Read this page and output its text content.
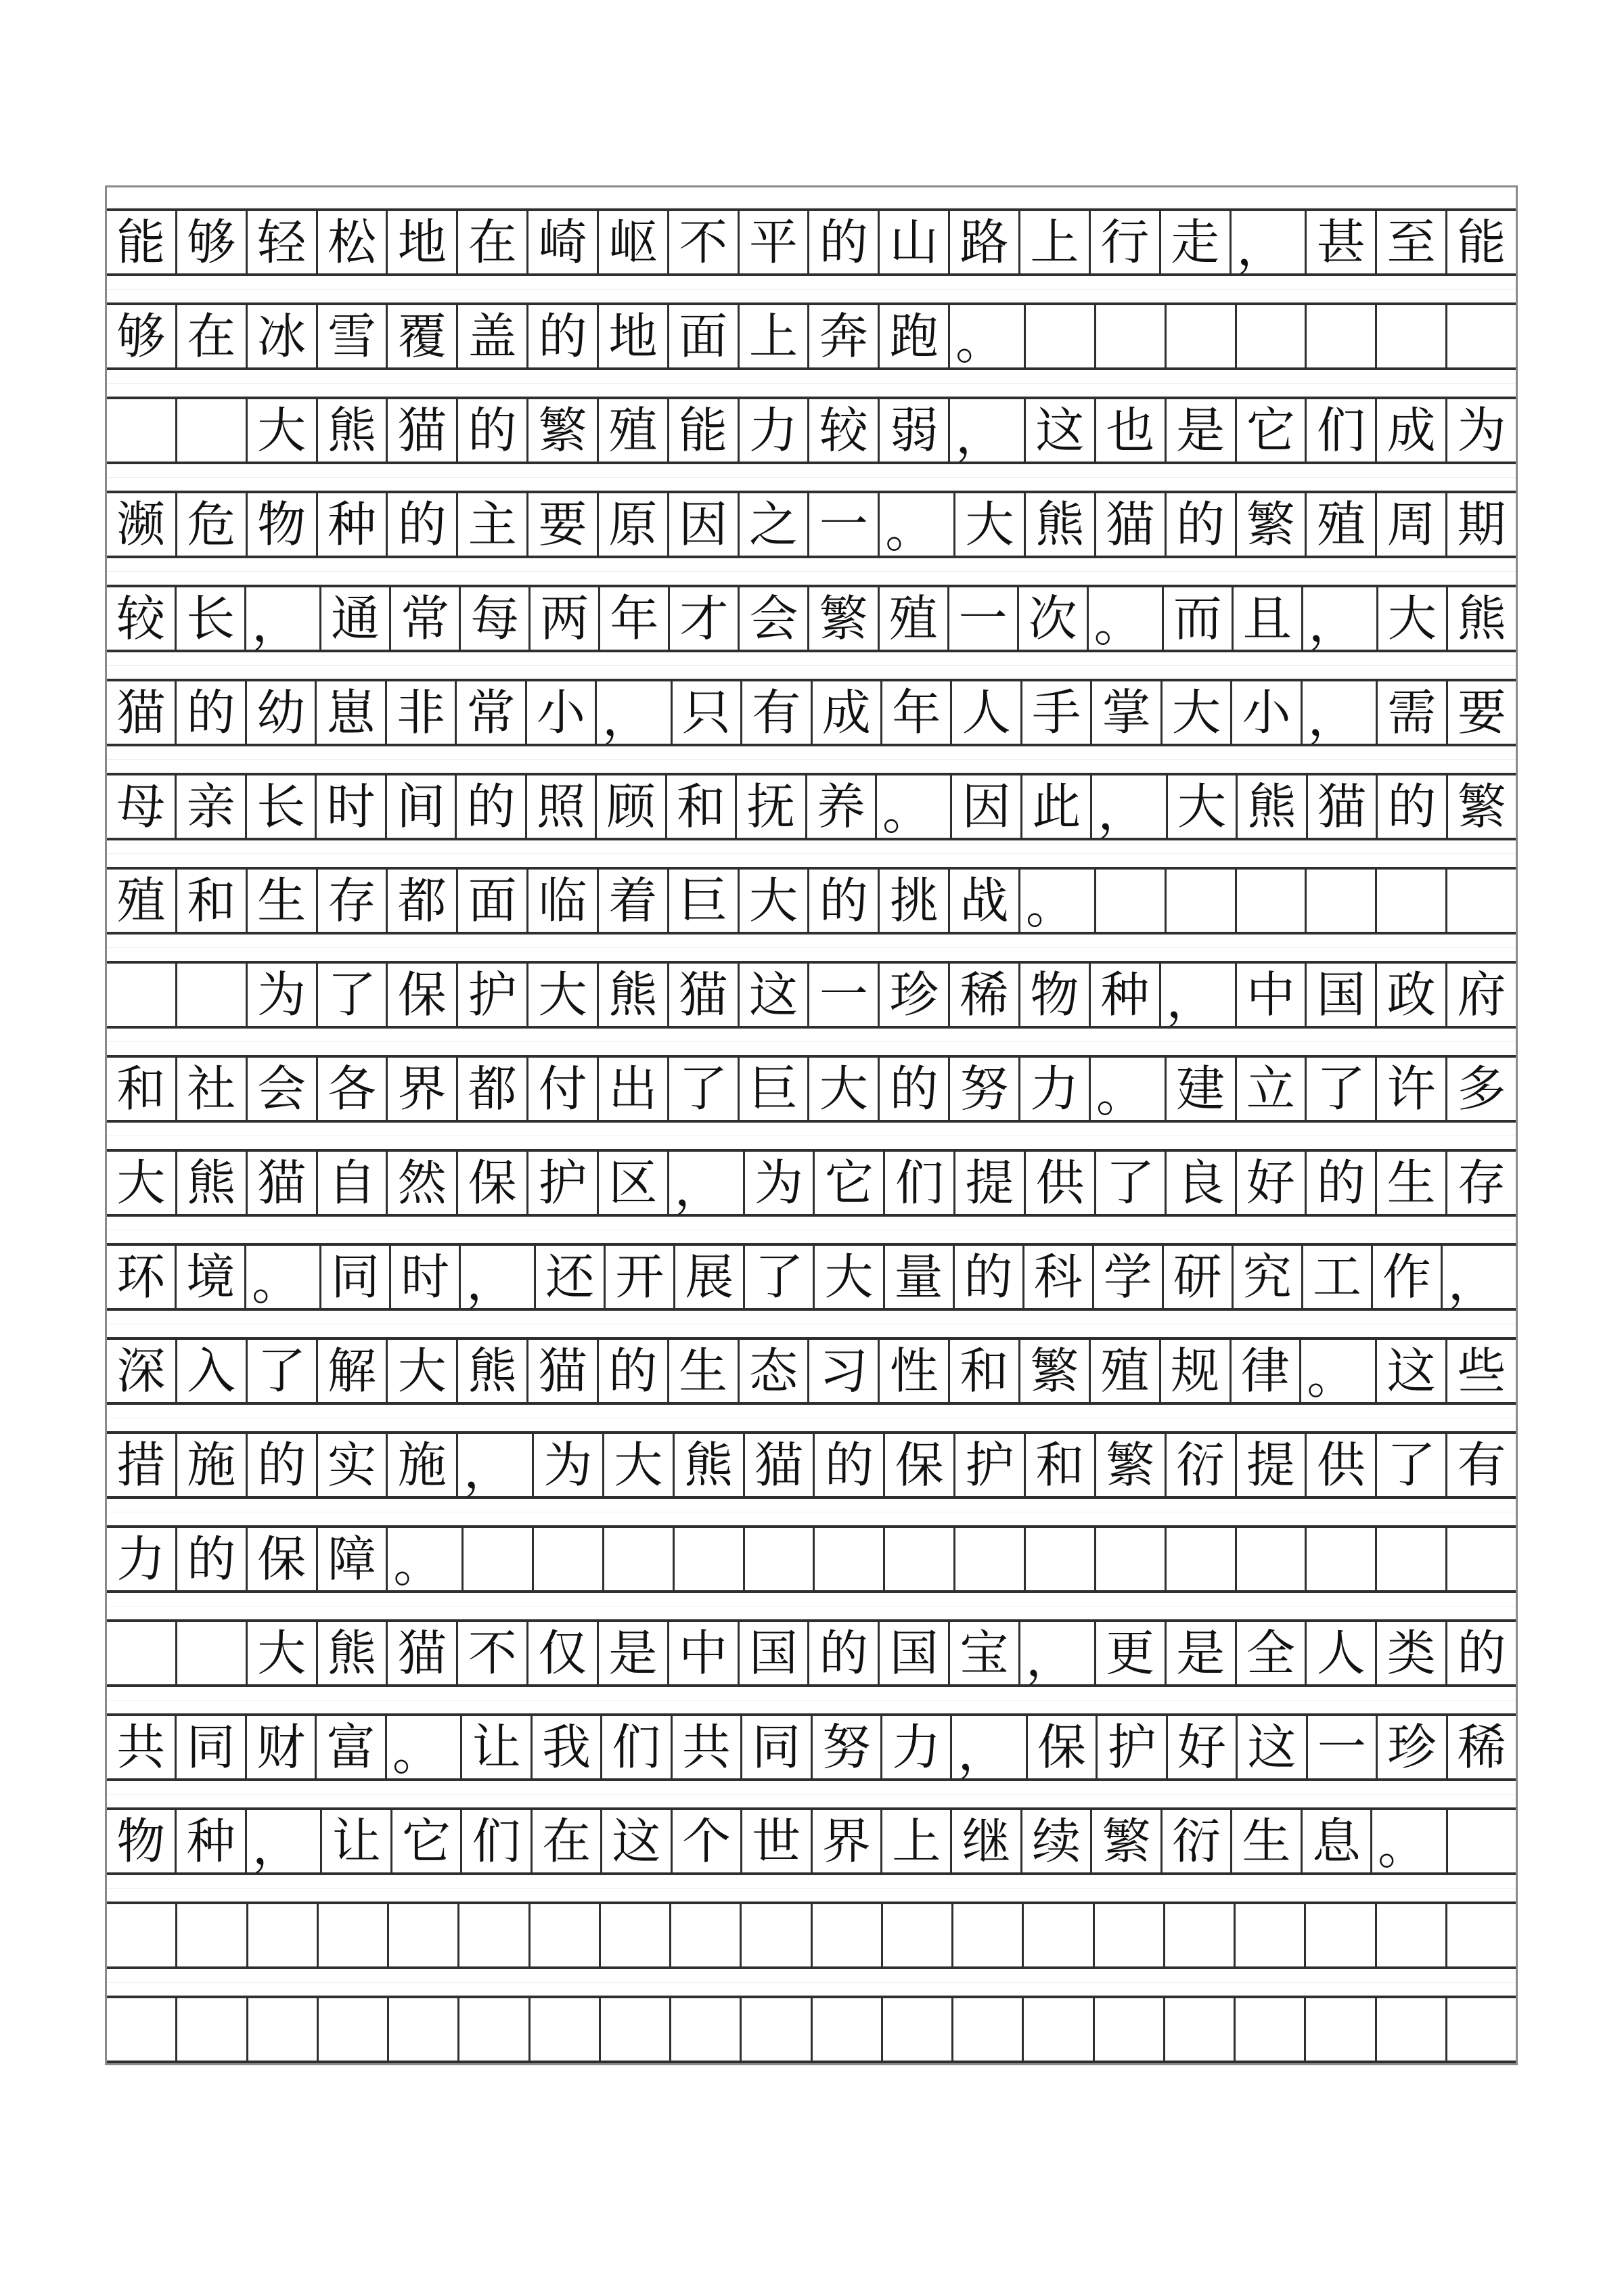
能 够 轻 松 地 在 崎 岖 不 平 的 山 路 上 行 走 ， 甚 至 能
够 在 冰 雪 覆 盖 的 地 面 上 奔 跑 。
大 熊 猫 的 繁 殖 能 力 较 弱 ， 这 也 是 它 们 成 为
濒 危 物 种 的 主 要 原 因 之 一 。 大 熊 猫 的 繁 殖 周 期
较 长 ， 通 常 每 两 年 才 会 繁 殖 一 次 。 而 且 ， 大 熊
猫 的 幼 崽 非 常 小 ， 只 有 成 年 人 手 掌 大 小 ， 需 要
母 亲 长 时 间 的 照 顾 和 抚 养 。 因 此 ， 大 熊 猫 的 繁
殖 和 生 存 都 面 临 着 巨 大 的 挑 战 。
为 了 保 护 大 熊 猫 这 一 珍 稀 物 种 ， 中 国 政 府
和 社 会 各 界 都 付 出 了 巨 大 的 努 力 。 建 立 了 许 多
大 熊 猫 自 然 保 护 区 ， 为 它 们 提 供 了 良 好 的 生 存
环 境 。 同 时 ， 还 开 展 了 大 量 的 科 学 研 究 工 作 ，
深 入 了 解 大 熊 猫 的 生 态 习 性 和 繁 殖 规 律 。 这 些
措 施 的 实 施 ， 为 大 熊 猫 的 保 护 和 繁 衍 提 供 了 有
力 的 保 障 。
大 熊 猫 不 仅 是 中 国 的 国 宝 ， 更 是 全 人 类 的
共 同 财 富 。 让 我 们 共 同 努 力 ， 保 护 好 这 一 珍 稀
物 种 ， 让 它 们 在 这 个 世 界 上 继 续 繁 衍 生 息 。
